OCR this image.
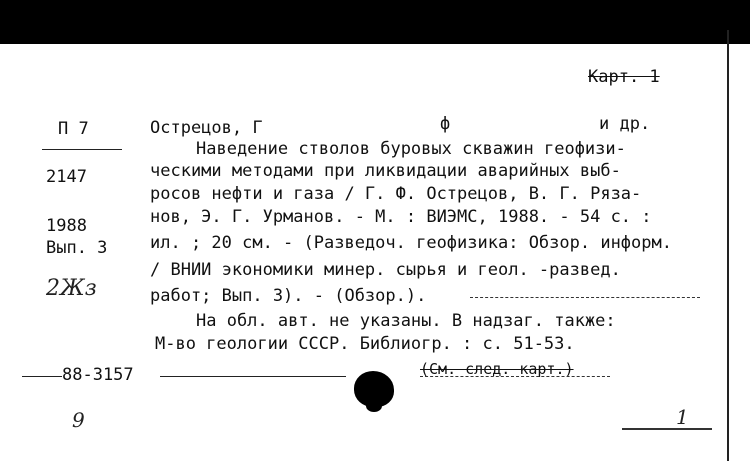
Карт. 1
П 7
2147
1988
Вып. 3
2Жз
Острецов, Г	ф	и др.
Наведение стволов буровых скважин геофизи-
ческими методами при ликвидации аварийных выб-
росов нефти и газа / Г. Ф. Острецов, В. Г. Ряза-
нов, Э. Г. Урманов. - М. : ВИЭМС, 1988. - 54 с. :
ил. ; 20 см. - (Разведоч. геофизика: Обзор. информ.
/ ВНИИ экономики минер. сырья и геол. -развед.
работ; Вып. 3). - (Обзор.).
На обл. авт. не указаны. В надзаг. также:
М-во геологии СССР. Библиогр. : с. 51-53.
88-3157	(См. след. карт.)
9	1
